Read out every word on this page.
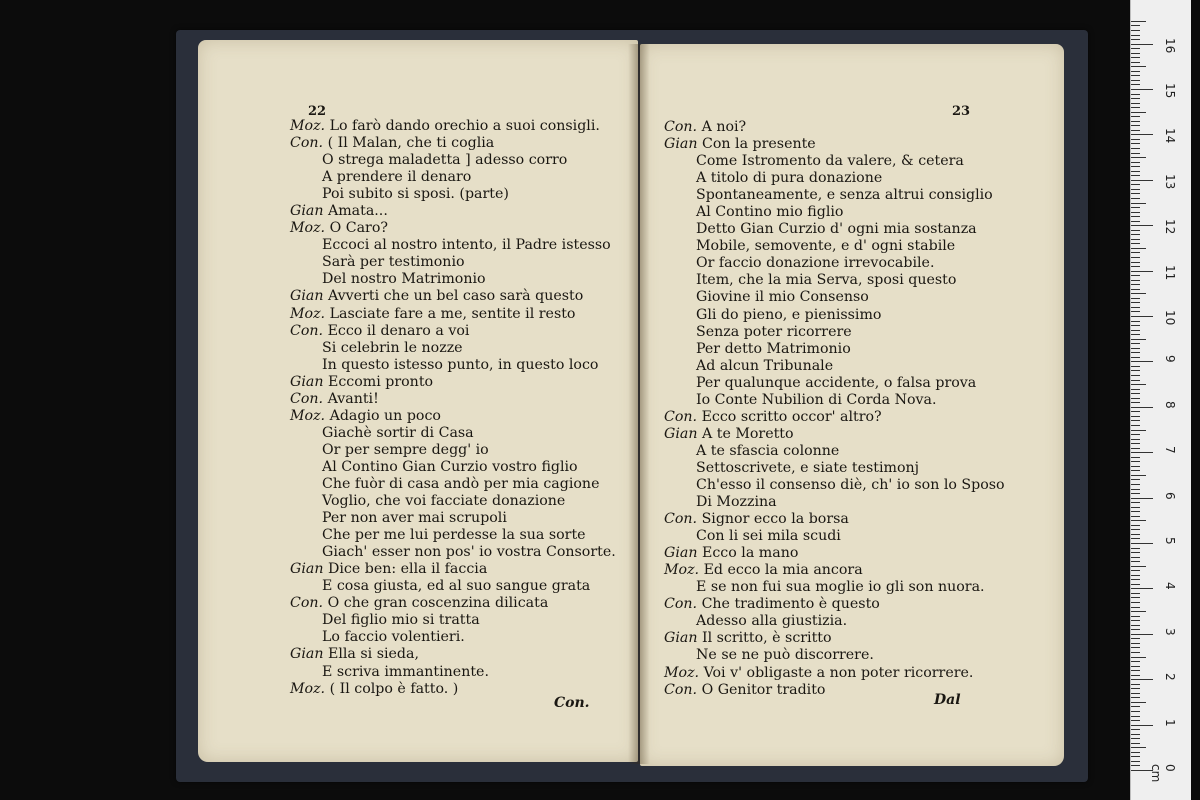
22
Moz. Lo farò dando orechio a suoi consigli.
Con. ( Il Malan, che ti coglia
O strega maladetta ] adesso corro
A prendere il denaro
Poi subito si sposi. (parte)
Gian Amata...
Moz. O Caro?
Eccoci al nostro intento, il Padre istesso
Sarà per testimonio
Del nostro Matrimonio
Gian Avverti che un bel caso sarà questo
Moz. Lasciate fare a me, sentite il resto
Con. Ecco il denaro a voi
Si celebrin le nozze
In questo istesso punto, in questo loco
Gian Eccomi pronto
Con. Avanti!
Moz. Adagio un poco
Giachè sortir di Casa
Or per sempre degg' io
Al Contino Gian Curzio vostro figlio
Che fuòr di casa andò per mia cagione
Voglio, che voi facciate donazione
Per non aver mai scrupoli
Che per me lui perdesse la sua sorte
Giach' esser non pos' io vostra Consorte.
Gian Dice ben: ella il faccia
E cosa giusta, ed al suo sangue grata
Con. O che gran coscenzina dilicata
Del figlio mio si tratta
Lo faccio volentieri.
Gian Ella si sieda,
E scriva immantinente.
Moz. ( Il colpo è fatto. )
Con.
23
Con. A noi?
Gian Con la presente
Come Istromento da valere, & cetera
A titolo di pura donazione
Spontaneamente, e senza altrui consiglio
Al Contino mio figlio
Detto Gian Curzio d' ogni mia sostanza
Mobile, semovente, e d' ogni stabile
Or faccio donazione irrevocabile.
Item, che la mia Serva, sposi questo
Giovine il mio Consenso
Gli do pieno, e pienissimo
Senza poter ricorrere
Per detto Matrimonio
Ad alcun Tribunale
Per qualunque accidente, o falsa prova
Io Conte Nubilion di Corda Nova.
Con. Ecco scritto occor' altro?
Gian A te Moretto
A te sfascia colonne
Settoscrivete, e siate testimonj
Ch'esso il consenso diè, ch' io son lo Sposo
Di Mozzina
Con. Signor ecco la borsa
Con li sei mila scudi
Gian Ecco la mano
Moz. Ed ecco la mia ancora
E se non fui sua moglie io gli son nuora.
Con. Che tradimento è questo
Adesso alla giustizia.
Gian Il scritto, è scritto
Ne se ne può discorrere.
Moz. Voi v' obligaste a non poter ricorrere.
Con. O Genitor tradito
Dal
0 cm
1
2
3
4
5
6
7
8
9
10
11
12
13
14
15
16
